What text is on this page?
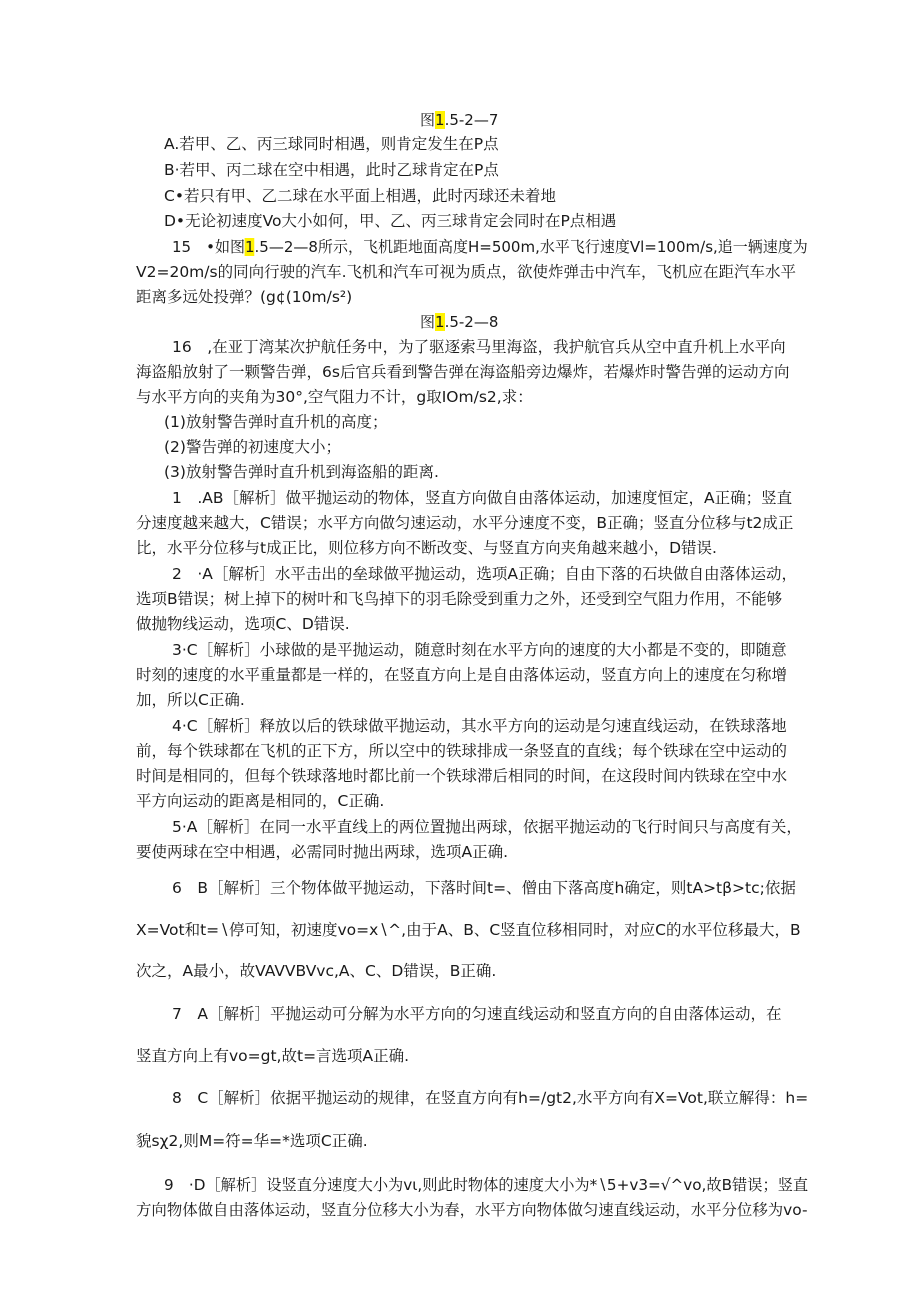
图1.5-2—7
A.若甲、乙、丙三球同时相遇，则肯定发生在P点
B·若甲、丙二球在空中相遇，此时乙球肯定在P点
C•若只有甲、乙二球在水平面上相遇，此时丙球还未着地
D•无论初速度Vo大小如何，甲、乙、丙三球肯定会同时在P点相遇
15　•如图1.5—2—8所示，飞机距地面高度H=500m,水平飞行速度Vl=100m∕s,追一辆速度为
V2=20m∕s的同向行驶的汽车.飞机和汽车可视为质点，欲使炸弹击中汽车，飞机应在距汽车水平
距离多远处投弹？(g¢(10m∕s²)
图1.5-2—8
16　,在亚丁湾某次护航任务中，为了驱逐索马里海盗，我护航官兵从空中直升机上水平向
海盗船放射了一颗警告弹，6s后官兵看到警告弹在海盗船旁边爆炸，若爆炸时警告弹的运动方向
与水平方向的夹角为30°,空气阻力不计，g取IOm/s2,求：
(1)放射警告弹时直升机的高度；
(2)警告弹的初速度大小；
(3)放射警告弹时直升机到海盗船的距离.
1　.AB［解析］做平抛运动的物体，竖直方向做自由落体运动，加速度恒定，A正确；竖直
分速度越来越大，C错误；水平方向做匀速运动，水平分速度不变，B正确；竖直分位移与t2成正
比，水平分位移与t成正比，则位移方向不断改变、与竖直方向夹角越来越小，D错误.
2　·A［解析］水平击出的垒球做平抛运动，选项A正确；自由下落的石块做自由落体运动，
选项B错误；树上掉下的树叶和飞鸟掉下的羽毛除受到重力之外，还受到空气阻力作用，不能够
做抛物线运动，选项C、D错误.
3·C［解析］小球做的是平抛运动，随意时刻在水平方向的速度的大小都是不变的，即随意
时刻的速度的水平重量都是一样的，在竖直方向上是自由落体运动，竖直方向上的速度在匀称增
加，所以C正确.
4·C［解析］释放以后的铁球做平抛运动，其水平方向的运动是匀速直线运动，在铁球落地
前，每个铁球都在飞机的正下方，所以空中的铁球排成一条竖直的直线；每个铁球在空中运动的
时间是相同的，但每个铁球落地时都比前一个铁球滞后相同的时间，在这段时间内铁球在空中水
平方向运动的距离是相同的，C正确.
5·A［解析］在同一水平直线上的两位置抛出两球，依据平抛运动的飞行时间只与高度有关，
要使两球在空中相遇，必需同时抛出两球，选项A正确.
6　B［解析］三个物体做平抛运动，下落时间t=、僧由下落高度h确定，则tA>tβ>tc;依据
X=Vot和t=∖停可知，初速度vo=x∖^,由于A、B、C竖直位移相同时，对应C的水平位移最大，B
次之，A最小，故VAVVBVvc,A、C、D错误，B正确.
7　A［解析］平抛运动可分解为水平方向的匀速直线运动和竖直方向的自由落体运动，在
竖直方向上有vo=gt,故t=言选项A正确.
8　C［解析］依据平抛运动的规律，在竖直方向有h=∕gt2,水平方向有X=Vot,联立解得：h=
貌sχ2,则M=符=华=*选项C正确.
9　·D［解析］设竖直分速度大小为vι,则此时物体的速度大小为*∖5+v3=√^vo,故B错误；竖直
方向物体做自由落体运动，竖直分位移大小为春，水平方向物体做匀速直线运动，水平分位移为vo-
